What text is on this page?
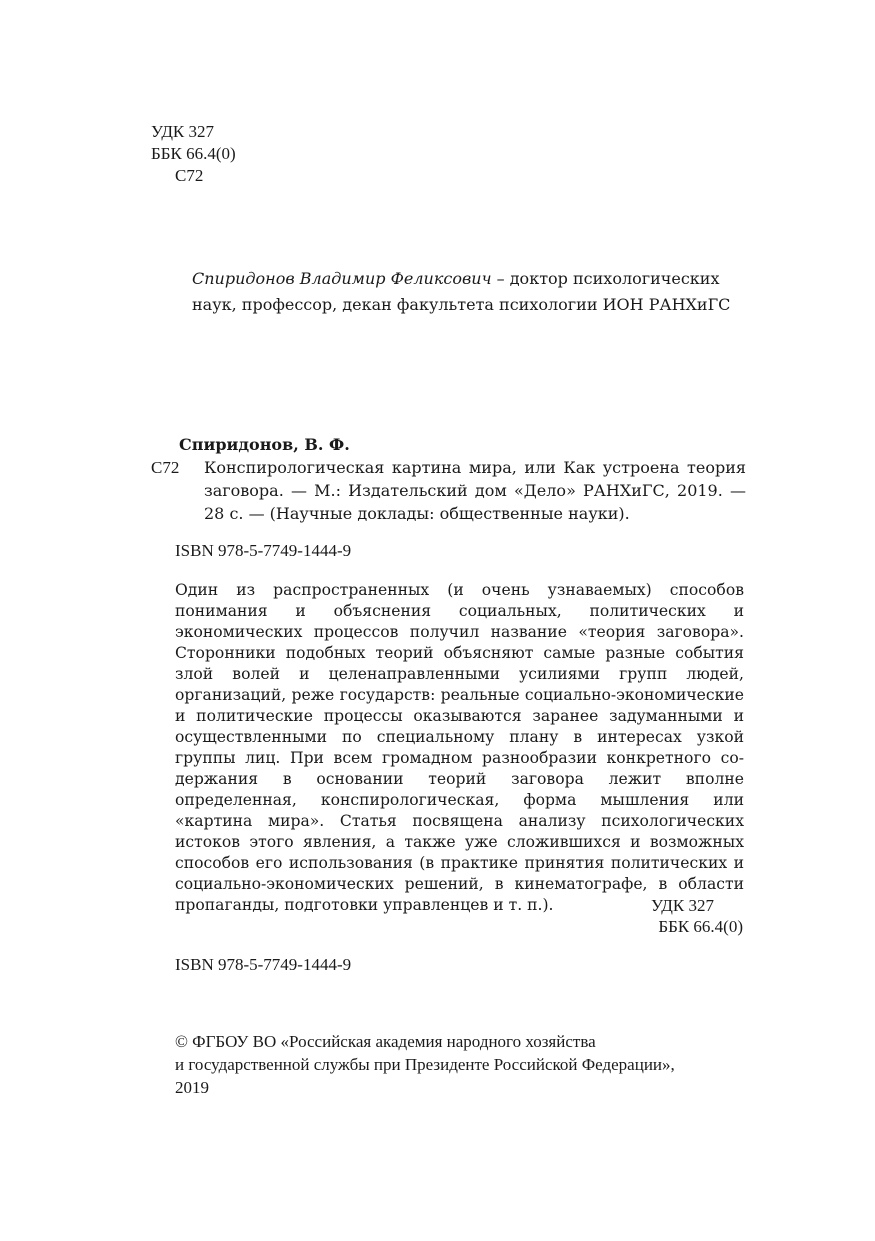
УДК 327
ББК 66.4(0)
С72

Спиридонов Владимир Феликсович – доктор психологических наук, профессор, декан факультета психологии ИОН РАНХиГС

Спиридонов, В. Ф.
С72 Конспирологическая картина мира, или Как устроена теория заговора. — М.: Издательский дом «Дело» РАНХиГС, 2019. — 28 с. — (Научные доклады: общественные науки).
ISBN 978-5-7749-1444-9

Один из распространенных (и очень узнаваемых) способов понимания и объяснения социальных, политических и экономических процессов получил название «теория заговора». Сторонники подобных теорий объясняют самые разные события злой волей и целенаправленными усилиями групп людей, организаций, реже государств: реальные социально-экономические и политические процессы оказываются заранее задуманными и осуществленными по специальному плану в интересах узкой группы лиц. При всем громадном разнообразии конкретного содержания в основании теорий заговора лежит вполне определенная, конспирологическая, форма мышления или «картина мира». Статья посвящена анализу психологических истоков этого явления, а также уже сложившихся и возможных способов его использования (в практике принятия политических и социально-экономических решений, в кинематографе, в области пропаганды, подготовки управленцев и т. п.).	УДК 327
ББК 66.4(0)
ISBN 978-5-7749-1444-9
© ФГБОУ ВО «Российская академия народного хозяйства
и государственной службы при Президенте Российской Федерации»,
2019
